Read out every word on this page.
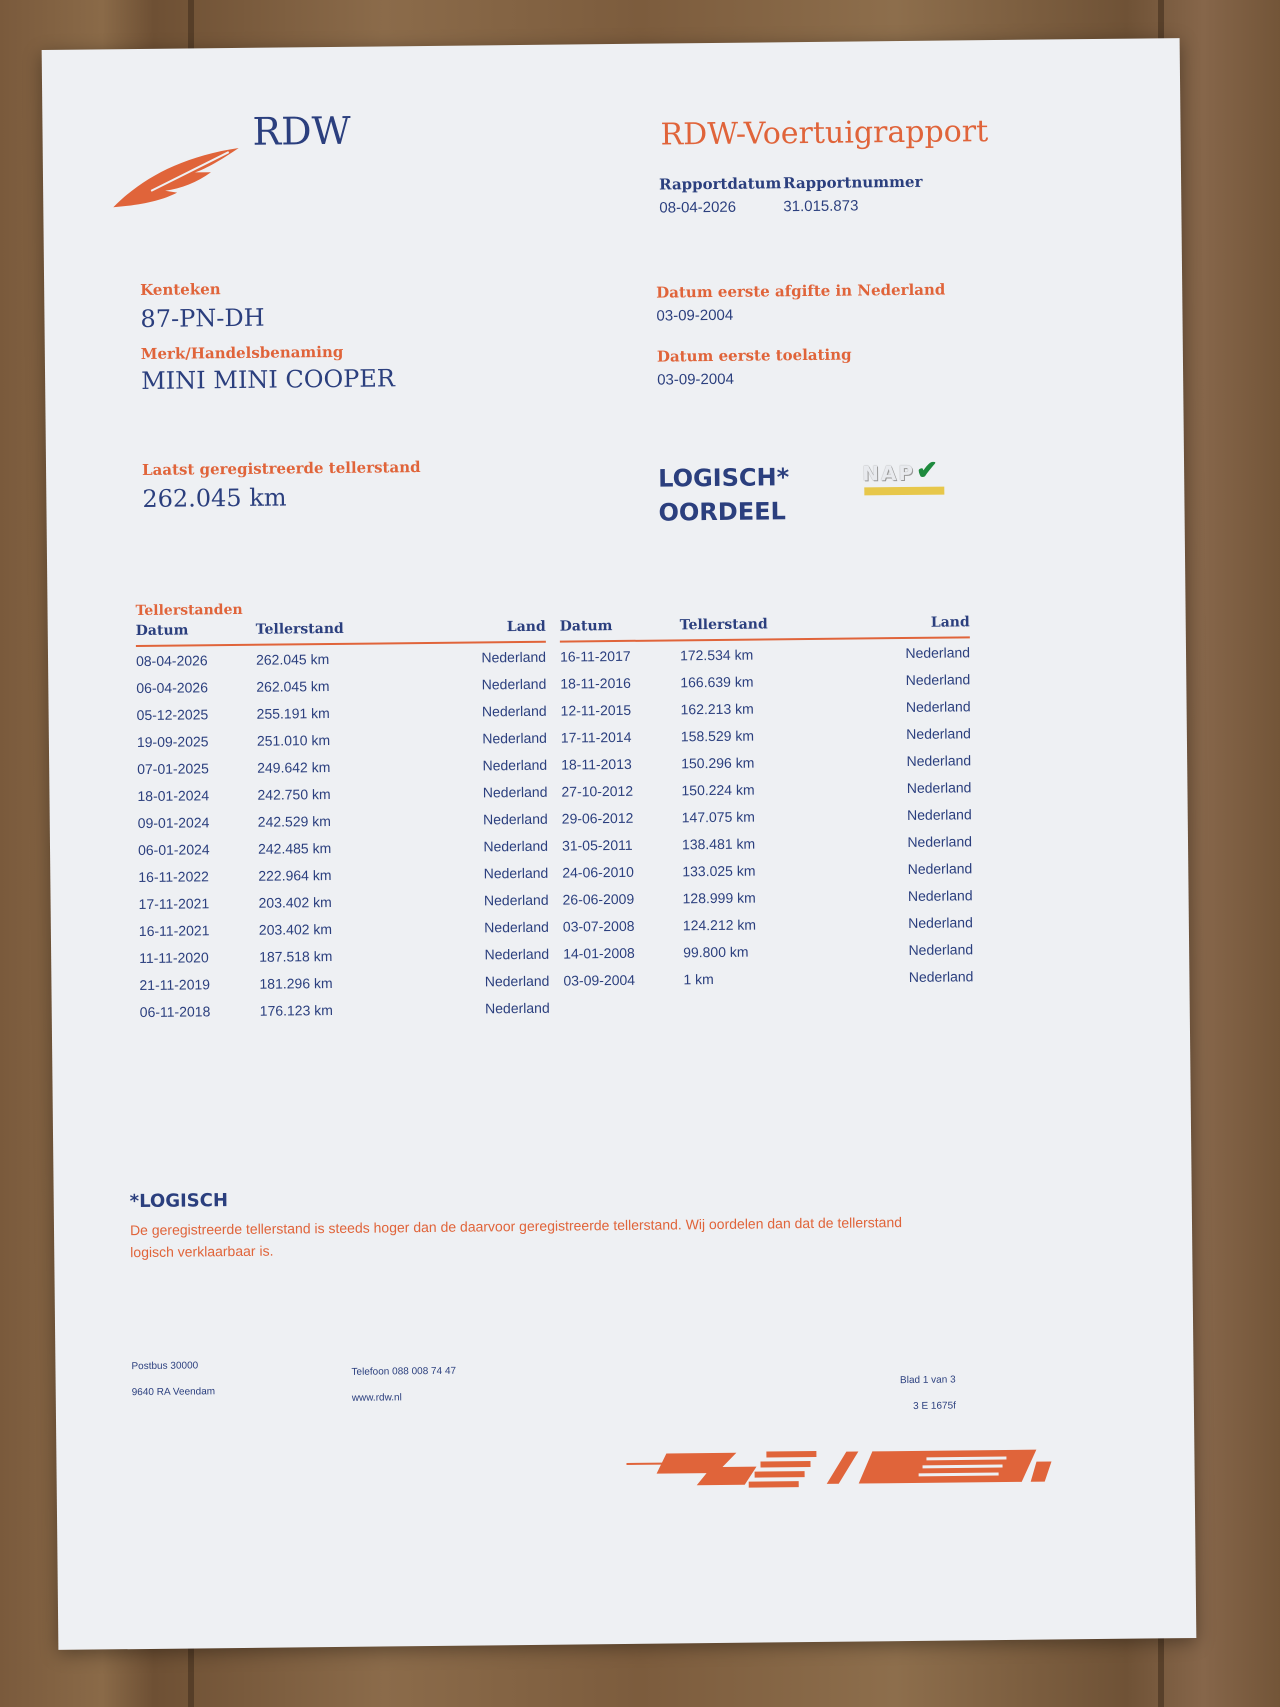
RDW	RDW-Voertuigrapport
Rapportdatum
08-04-2026
Rapportnummer
31.015.873
Kenteken
87-PN-DH
Merk/Handelsbenaming
MINI MINI COOPER
Laatst geregistreerde tellerstand
262.045 km
Datum eerste afgifte in Nederland
03-09-2004
Datum eerste toelating
03-09-2004
LOGISCH*
OORDEEL
NAP ✔
Tellerstanden
Datum	Tellerstand	Land
08-04-2026	262.045 km	Nederland
06-04-2026	262.045 km	Nederland
05-12-2025	255.191 km	Nederland
19-09-2025	251.010 km	Nederland
07-01-2025	249.642 km	Nederland
18-01-2024	242.750 km	Nederland
09-01-2024	242.529 km	Nederland
06-01-2024	242.485 km	Nederland
16-11-2022	222.964 km	Nederland
17-11-2021	203.402 km	Nederland
16-11-2021	203.402 km	Nederland
11-11-2020	187.518 km	Nederland
21-11-2019	181.296 km	Nederland
06-11-2018	176.123 km	Nederland
Datum	Tellerstand	Land
16-11-2017	172.534 km	Nederland
18-11-2016	166.639 km	Nederland
12-11-2015	162.213 km	Nederland
17-11-2014	158.529 km	Nederland
18-11-2013	150.296 km	Nederland
27-10-2012	150.224 km	Nederland
29-06-2012	147.075 km	Nederland
31-05-2011	138.481 km	Nederland
24-06-2010	133.025 km	Nederland
26-06-2009	128.999 km	Nederland
03-07-2008	124.212 km	Nederland
14-01-2008	99.800 km	Nederland
03-09-2004	1 km	Nederland
*LOGISCH
De geregistreerde tellerstand is steeds hoger dan de daarvoor geregistreerde tellerstand. Wij oordelen dan dat de tellerstand logisch verklaarbaar is.
Postbus 30000
9640 RA Veendam
Telefoon 088 008 74 47
www.rdw.nl
Blad 1 van 3
3 E 1675f
